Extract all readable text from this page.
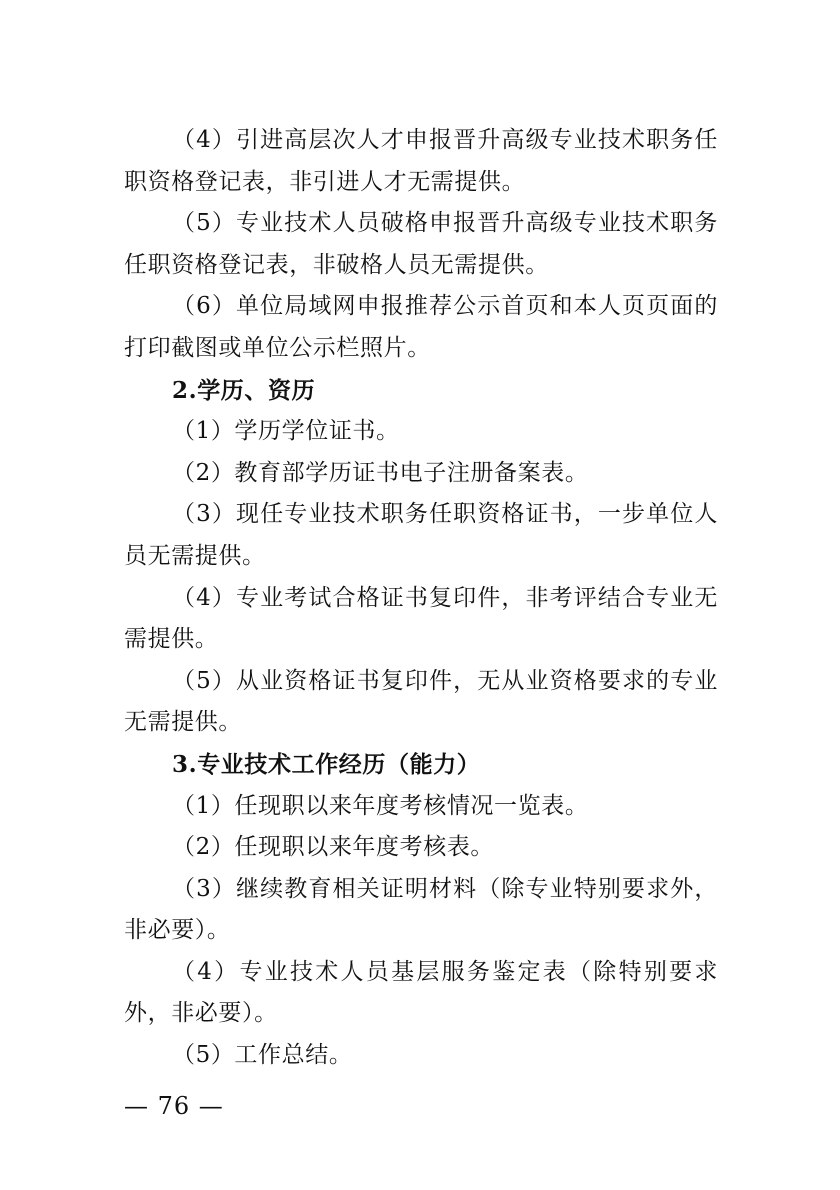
（4）引进高层次人才申报晋升高级专业技术职务任职资格登记表，非引进人才无需提供。

（5）专业技术人员破格申报晋升高级专业技术职务任职资格登记表，非破格人员无需提供。

（6）单位局域网申报推荐公示首页和本人页页面的打印截图或单位公示栏照片。

2.学历、资历

（1）学历学位证书。

（2）教育部学历证书电子注册备案表。

（3）现任专业技术职务任职资格证书，一步单位人员无需提供。

（4）专业考试合格证书复印件，非考评结合专业无需提供。

（5）从业资格证书复印件，无从业资格要求的专业无需提供。

3.专业技术工作经历（能力）

（1）任现职以来年度考核情况一览表。

（2）任现职以来年度考核表。

（3）继续教育相关证明材料（除专业特别要求外，非必要）。

（4）专业技术人员基层服务鉴定表（除特别要求外，非必要）。

（5）工作总结。

— 76 —
